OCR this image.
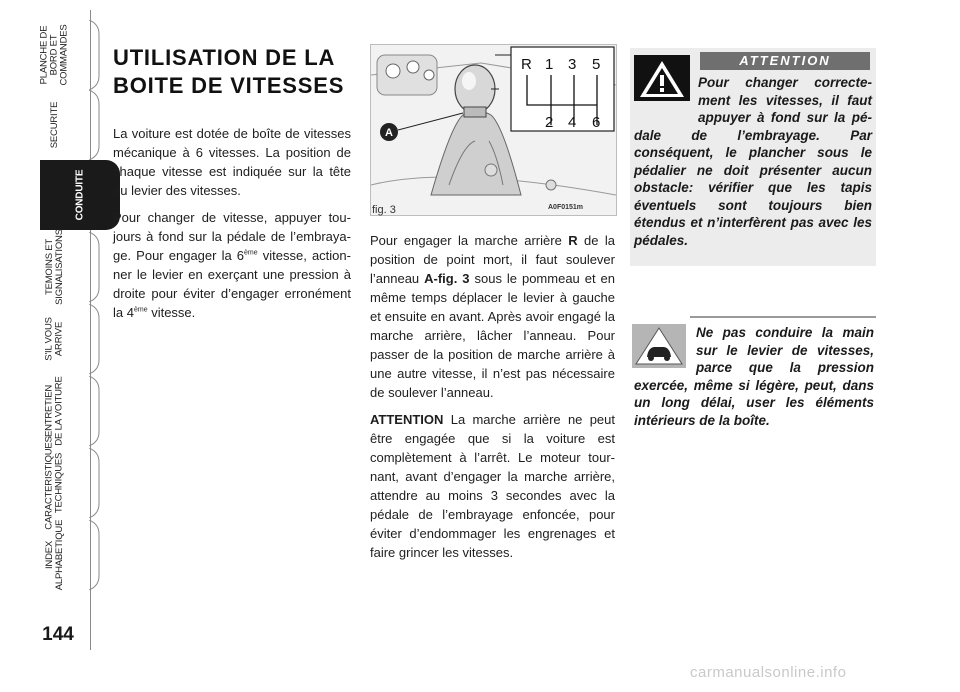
PLANCHE DE
BORD ET
COMMANDES
SECURITE
CONDUITE
TEMOINS ET
SIGNALISATIONS
S'IL VOUS
ARRIVE
ENTRETIEN
DE LA VOITURE
CARACTERISTIQUES
TECHNIQUES
INDEX
ALPHABETIQUE
144
UTILISATION DE LA
BOITE DE VITESSES

La voiture est dotée de boîte de vitesses mécanique à 6 vitesses. La position de chaque vitesse est indiquée sur la tête du levier des vitesses.

Pour changer de vitesse, appuyer toujours à fond sur la pédale de l’embrayage. Pour engager la 6ème vitesse, actionner le levier en exerçant une pression à droite pour éviter d’engager erronément la 4ème vitesse.

A
R 1 3 5
2 4 6
fig. 3	A0F0151m

Pour engager la marche arrière R de la position de point mort, il faut soulever l’anneau A-fig. 3 sous le pommeau et en même temps déplacer le levier à gauche et ensuite en avant. Après avoir engagé la marche arrière, lâcher l’anneau. Pour passer de la position de marche arrière à une autre vitesse, il n’est pas nécessaire de soulever l’anneau.

ATTENTION La marche arrière ne peut être engagée que si la voiture est complètement à l’arrêt. Le moteur tournant, avant d’engager la marche arrière, attendre au moins 3 secondes avec la pédale de l’embrayage enfoncée, pour éviter d’endommager les engrenages et faire grincer les vitesses.

ATTENTION
Pour changer correctement les vitesses, il faut appuyer à fond sur la pédale de l’embrayage. Par conséquent, le plancher sous le pédalier ne doit présenter aucun obstacle: vérifier que les tapis éventuels sont toujours bien étendus et n’interfèrent pas avec les pédales.
Ne pas conduire la main sur le levier de vitesses, parce que la pression exercée, même si légère, peut, dans un long délai, user les éléments intérieurs de la boîte.
carmanualsonline.info
